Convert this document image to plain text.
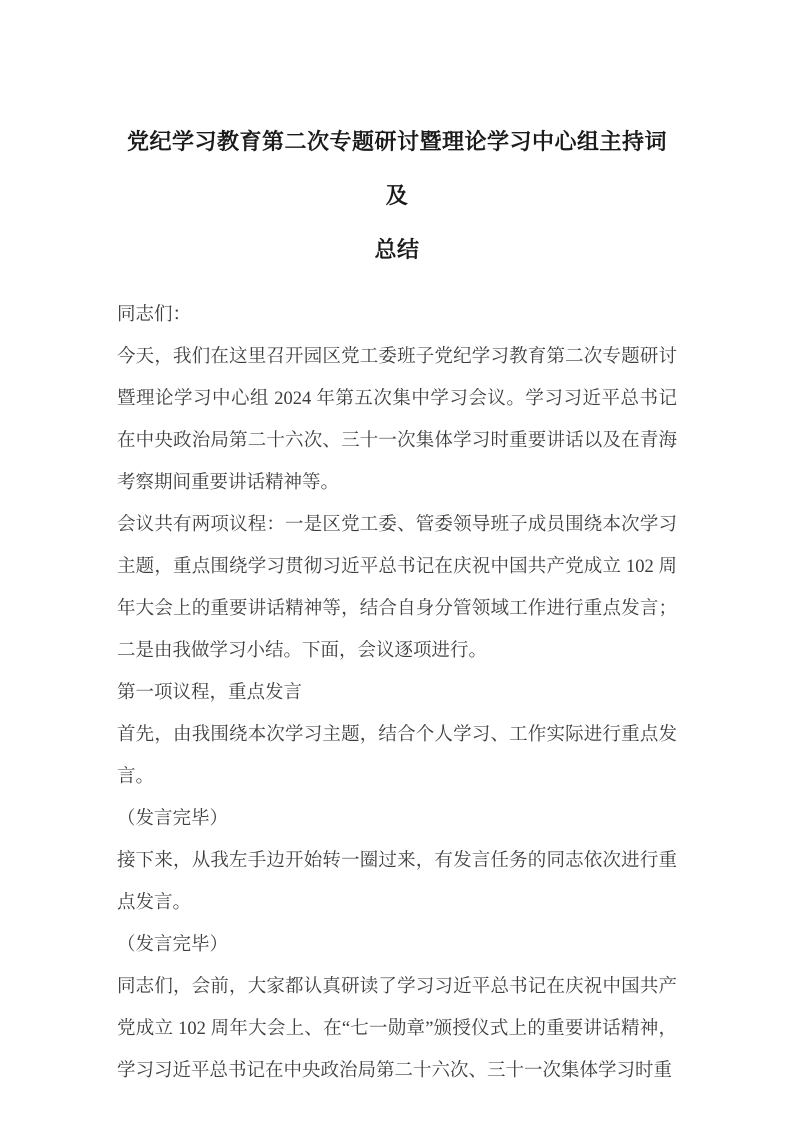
党纪学习教育第二次专题研讨暨理论学习中心组主持词及
总结

同志们：

今天，我们在这里召开园区党工委班子党纪学习教育第二次专题研讨暨理论学习中心组 2024 年第五次集中学习会议。学习习近平总书记在中央政治局第二十六次、三十一次集体学习时重要讲话以及在青海考察期间重要讲话精神等。

会议共有两项议程：一是区党工委、管委领导班子成员围绕本次学习主题，重点围绕学习贯彻习近平总书记在庆祝中国共产党成立 102 周年大会上的重要讲话精神等，结合自身分管领域工作进行重点发言；二是由我做学习小结。下面，会议逐项进行。

第一项议程，重点发言

首先，由我围绕本次学习主题，结合个人学习、工作实际进行重点发言。

（发言完毕）

接下来，从我左手边开始转一圈过来，有发言任务的同志依次进行重点发言。

（发言完毕）

同志们，会前，大家都认真研读了学习习近平总书记在庆祝中国共产党成立 102 周年大会上、在“七一勋章”颁授仪式上的重要讲话精神，学习习近平总书记在中央政治局第二十六次、三十一次集体学习时重
